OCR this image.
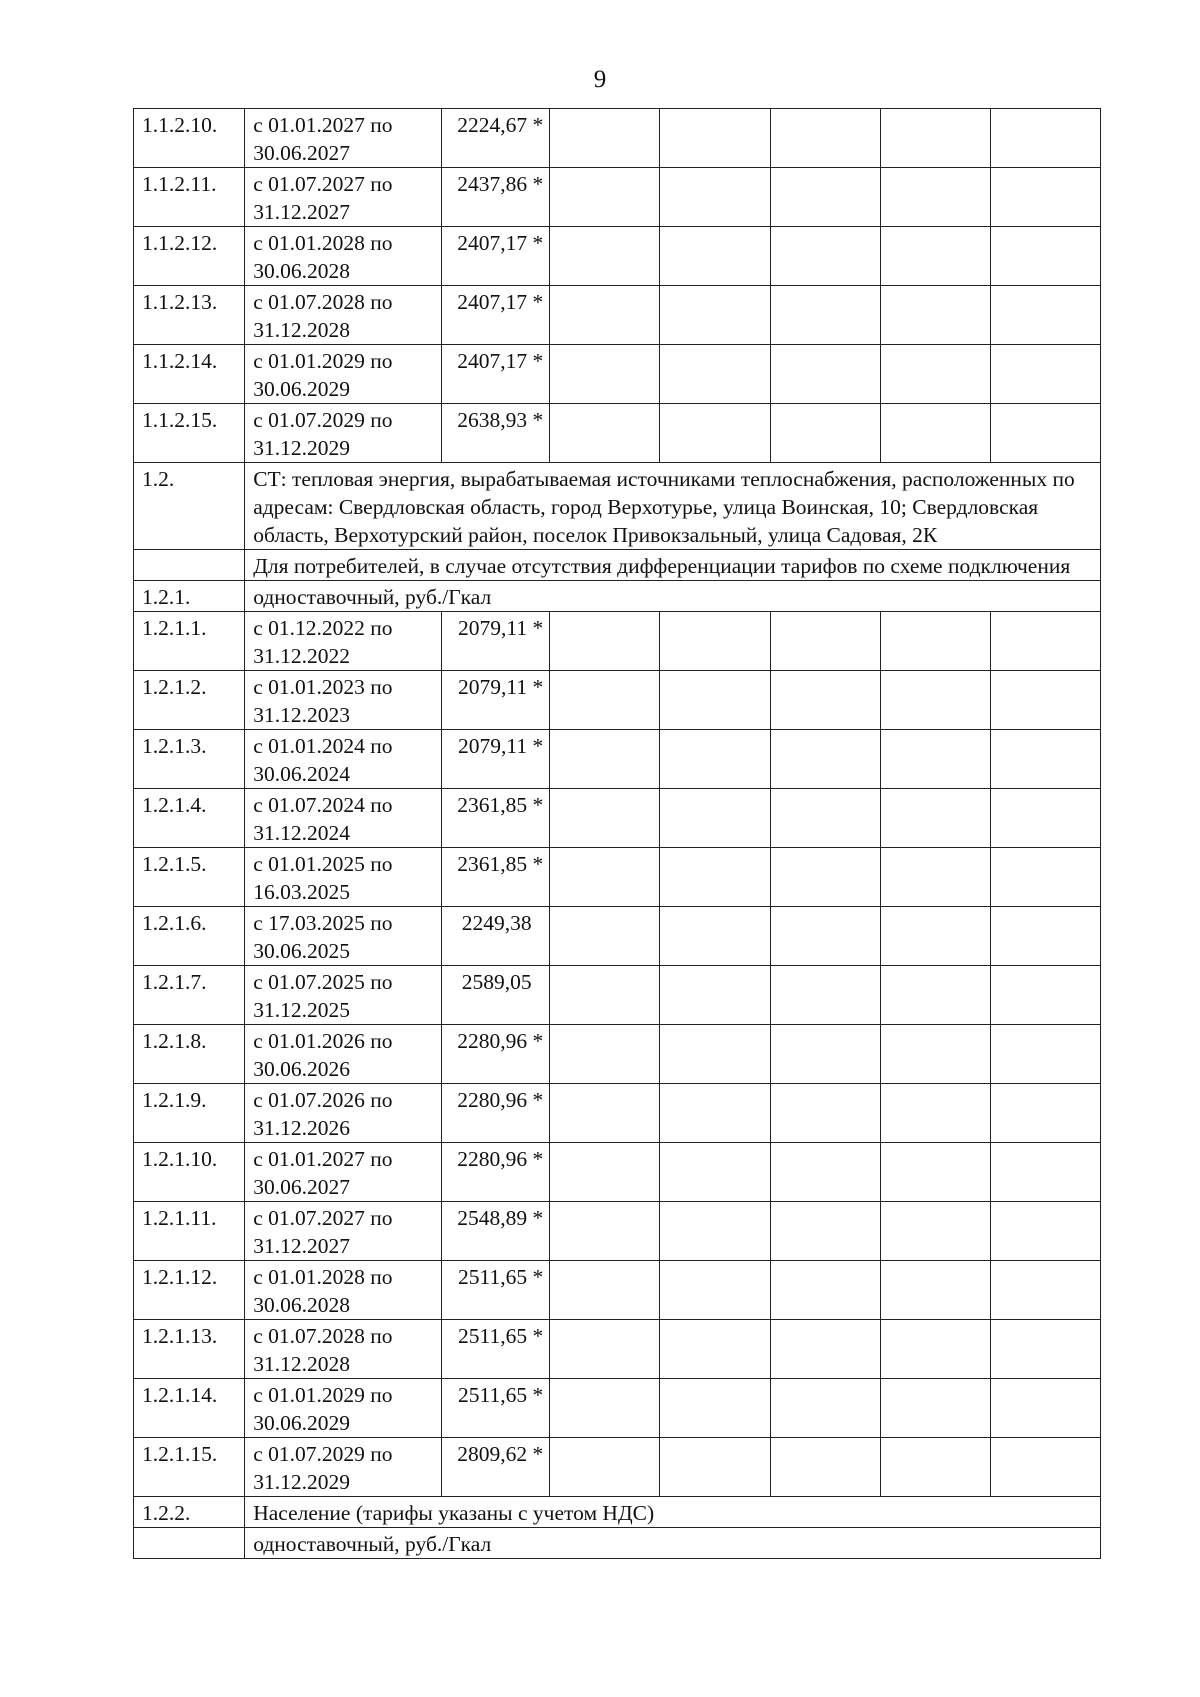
9
1.1.2.10.	с 01.01.2027 по 30.06.2027	2224,67 *					
1.1.2.11.	с 01.07.2027 по 31.12.2027	2437,86 *					
1.1.2.12.	с 01.01.2028 по 30.06.2028	2407,17 *					
1.1.2.13.	с 01.07.2028 по 31.12.2028	2407,17 *					
1.1.2.14.	с 01.01.2029 по 30.06.2029	2407,17 *					
1.1.2.15.	с 01.07.2029 по 31.12.2029	2638,93 *					
1.2.	СТ: тепловая энергия, вырабатываемая источниками теплоснабжения, расположенных по адресам: Свердловская область, город Верхотурье, улица Воинская, 10; Свердловская область, Верхотурский район, поселок Привокзальный, улица Садовая, 2К						
	Для потребителей, в случае отсутствия дифференциации тарифов по схеме подключения						
1.2.1.	одноставочный, руб./Гкал						
1.2.1.1.	с 01.12.2022 по 31.12.2022	2079,11 *					
1.2.1.2.	с 01.01.2023 по 31.12.2023	2079,11 *					
1.2.1.3.	с 01.01.2024 по 30.06.2024	2079,11 *					
1.2.1.4.	с 01.07.2024 по 31.12.2024	2361,85 *					
1.2.1.5.	с 01.01.2025 по 16.03.2025	2361,85 *					
1.2.1.6.	с 17.03.2025 по 30.06.2025	2249,38					
1.2.1.7.	с 01.07.2025 по 31.12.2025	2589,05					
1.2.1.8.	с 01.01.2026 по 30.06.2026	2280,96 *					
1.2.1.9.	с 01.07.2026 по 31.12.2026	2280,96 *					
1.2.1.10.	с 01.01.2027 по 30.06.2027	2280,96 *					
1.2.1.11.	с 01.07.2027 по 31.12.2027	2548,89 *					
1.2.1.12.	с 01.01.2028 по 30.06.2028	2511,65 *					
1.2.1.13.	с 01.07.2028 по 31.12.2028	2511,65 *					
1.2.1.14.	с 01.01.2029 по 30.06.2029	2511,65 *					
1.2.1.15.	с 01.07.2029 по 31.12.2029	2809,62 *					
1.2.2.	Население (тарифы указаны с учетом НДС)						
	одноставочный, руб./Гкал						
